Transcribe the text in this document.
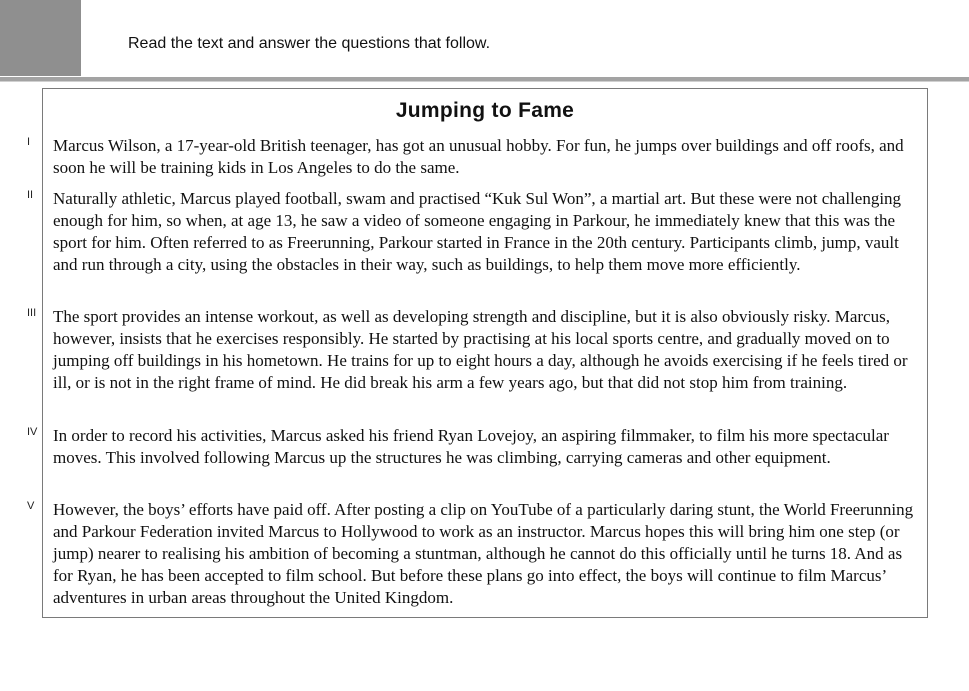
Read the text and answer the questions that follow.
Jumping to Fame
I	Marcus Wilson, a 17-year-old British teenager, has got an unusual hobby. For fun, he jumps over buildings and off roofs, and soon he will be training kids in Los Angeles to do the same.

II	Naturally athletic, Marcus played football, swam and practised “Kuk Sul Won”, a martial art. But these were not challenging enough for him, so when, at age 13, he saw a video of someone engaging in Parkour, he immediately knew that this was the sport for him. Often referred to as Freerunning, Parkour started in France in the 20th century. Participants climb, jump, vault and run through a city, using the obstacles in their way, such as buildings, to help them move more efficiently.

III The sport provides an intense workout, as well as developing strength and discipline, but it is also obviously risky. Marcus, however, insists that he exercises responsibly. He started by practising at his local sports centre, and gradually moved on to jumping off buildings in his hometown. He trains for up to eight hours a day, although he avoids exercising if he feels tired or ill, or is not in the right frame of mind. He did break his arm a few years ago, but that did not stop him from training.

IV In order to record his activities, Marcus asked his friend Ryan Lovejoy, an aspiring filmmaker, to film his more spectacular moves. This involved following Marcus up the structures he was climbing, carrying cameras and other equipment.

V	However, the boys’ efforts have paid off. After posting a clip on YouTube of a particularly daring stunt, the World Freerunning and Parkour Federation invited Marcus to Hollywood to work as an instructor. Marcus hopes this will bring him one step (or jump) nearer to realising his ambition of becoming a stuntman, although he cannot do this officially until he turns 18. And as for Ryan, he has been accepted to film school. But before these plans go into effect, the boys will continue to film Marcus’ adventures in urban areas throughout the United Kingdom.
